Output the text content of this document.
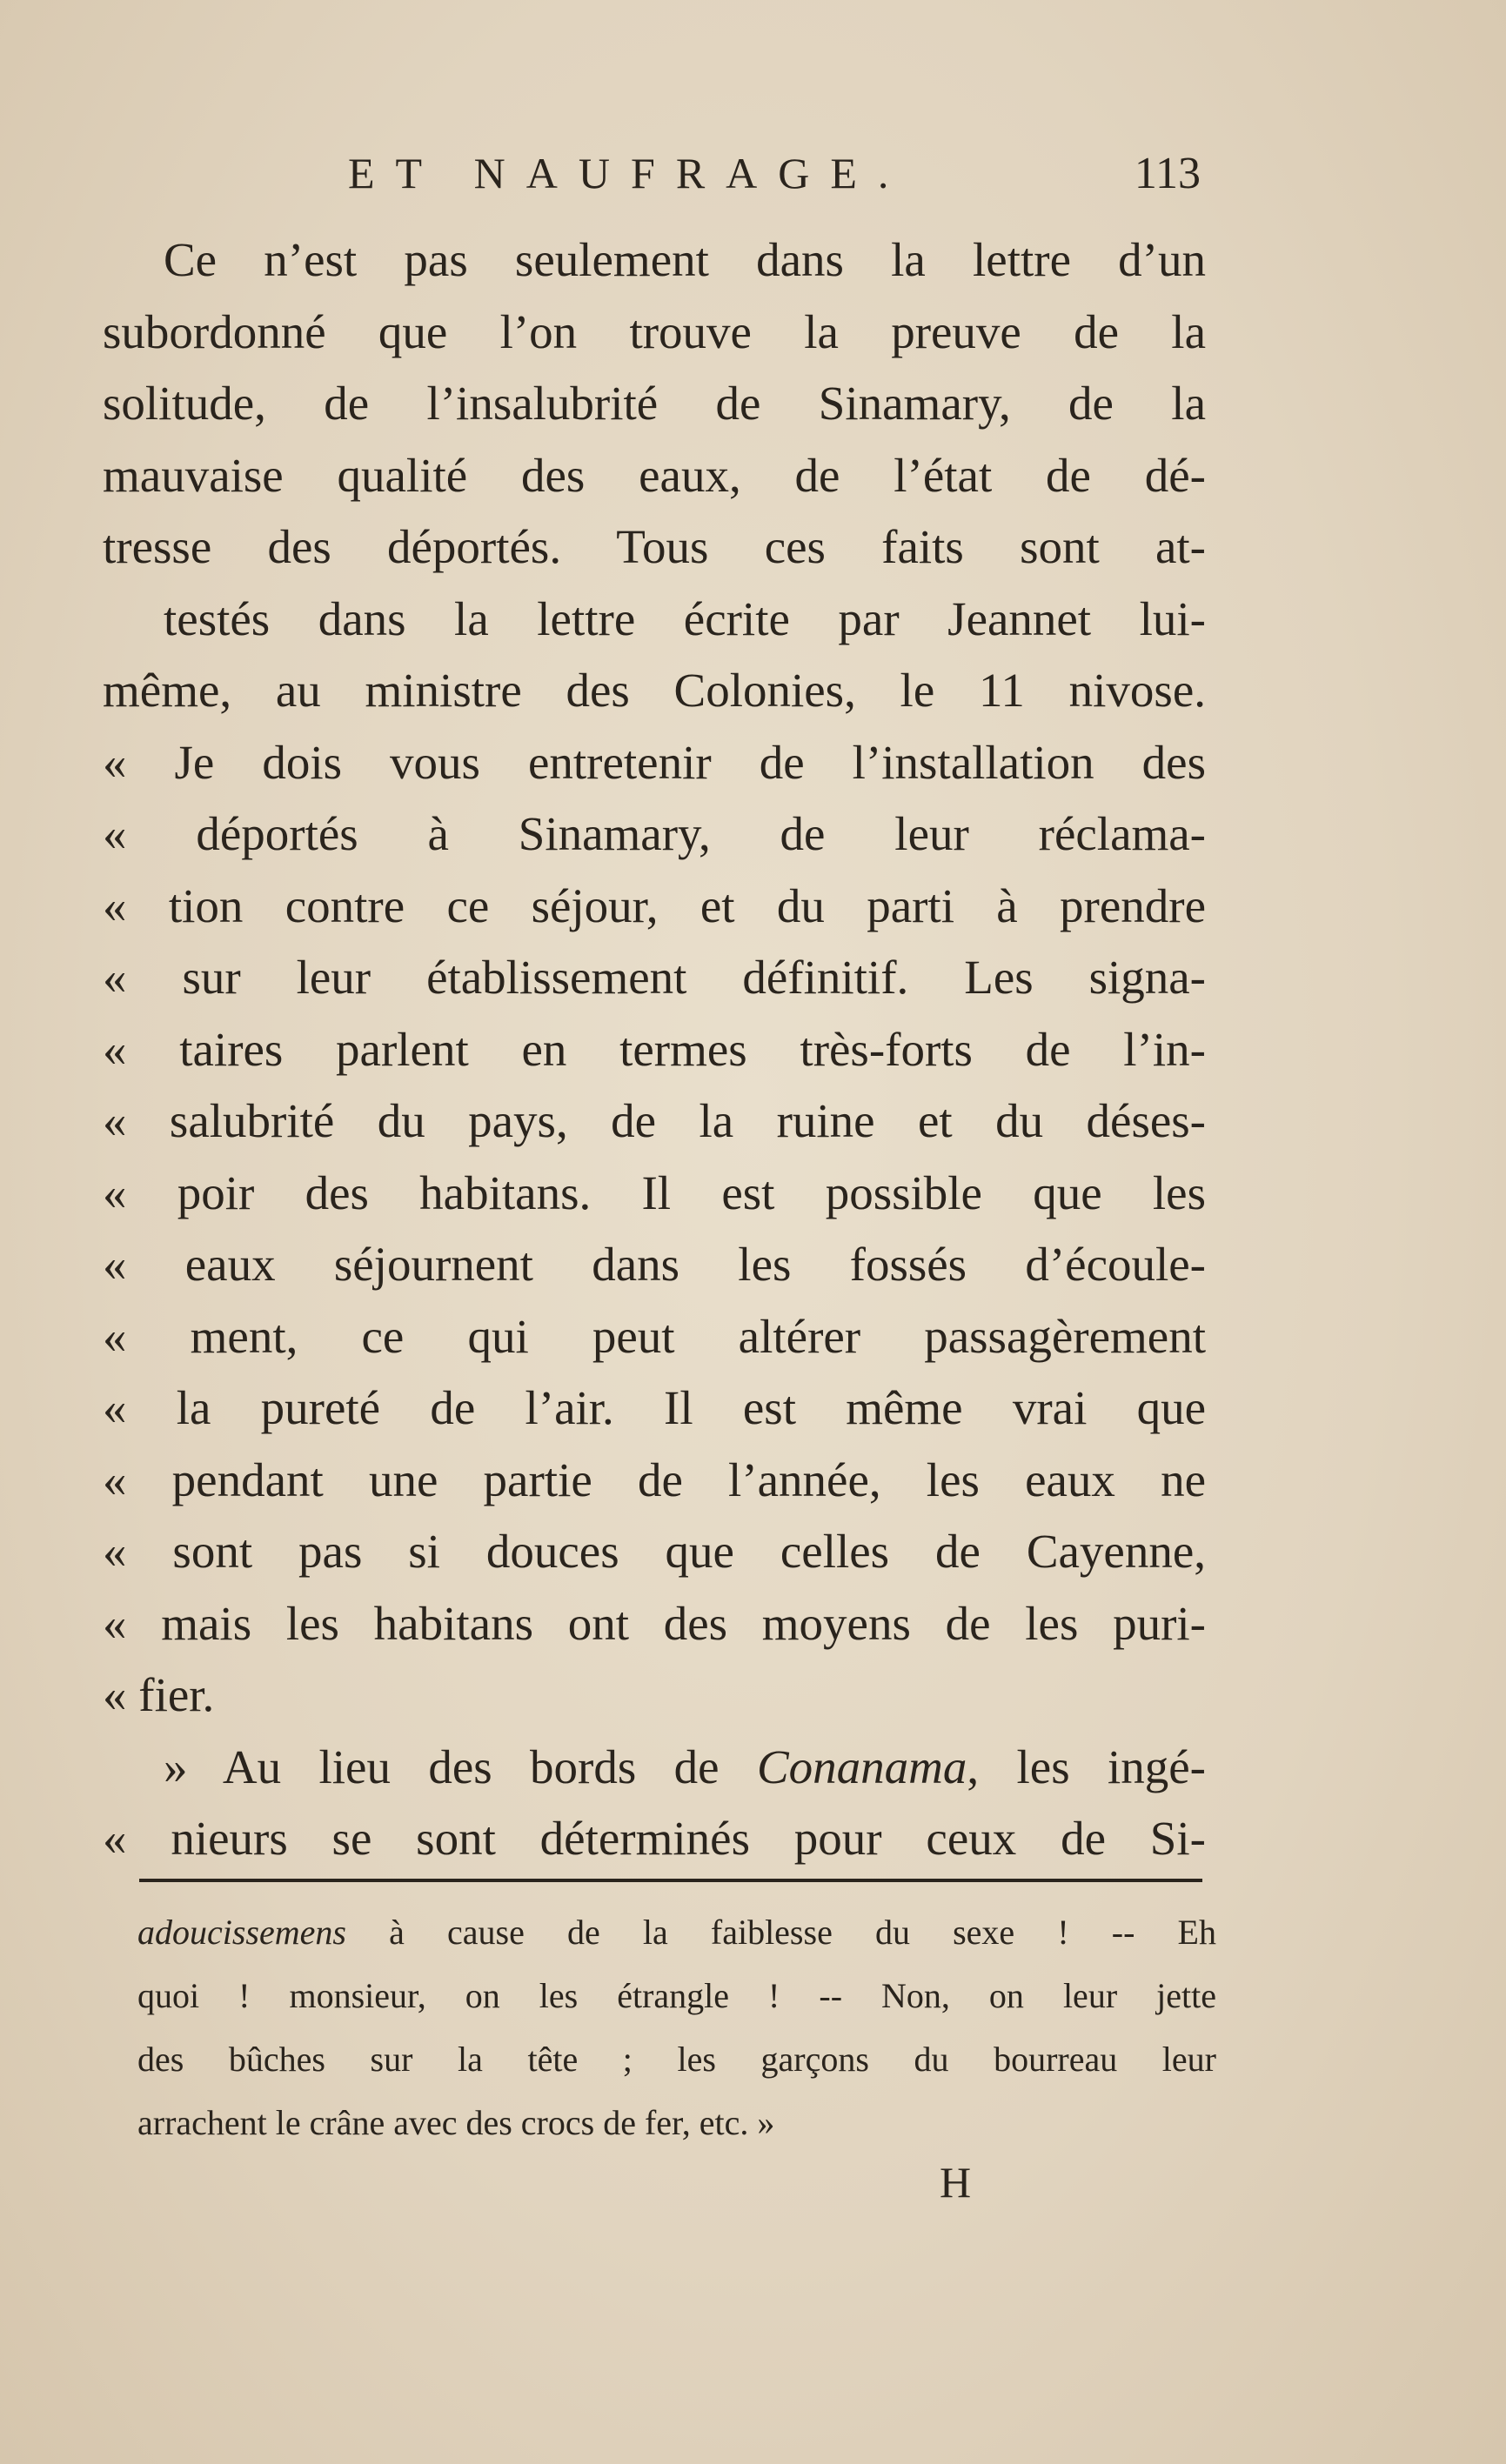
ET NAUFRAGE.	113
Ce n’est pas seulement dans la lettre d’un
subordonné que l’on trouve la preuve de la
solitude, de l’insalubrité de Sinamary, de la
mauvaise qualité des eaux, de l’état de dé-
tresse des déportés. Tous ces faits sont at-
testés dans la lettre écrite par Jeannet lui-
même, au ministre des Colonies, le 11 nivose.
« Je dois vous entretenir de l’installation des
« déportés à Sinamary, de leur réclama-
« tion contre ce séjour, et du parti à prendre
« sur leur établissement définitif. Les signa-
« taires parlent en termes très-forts de l’in-
« salubrité du pays, de la ruine et du déses-
« poir des habitans. Il est possible que les
« eaux séjournent dans les fossés d’écoule-
« ment, ce qui peut altérer passagèrement
« la pureté de l’air. Il est même vrai que
« pendant une partie de l’année, les eaux ne
« sont pas si douces que celles de Cayenne,
« mais les habitans ont des moyens de les puri-
« fier.
» Au lieu des bords de Conanama, les ingé-
« nieurs se sont déterminés pour ceux de Si-
adoucissemens à cause de la faiblesse du sexe ! -- Eh
quoi ! monsieur, on les étrangle ! -- Non, on leur jette
des bûches sur la tête ; les garçons du bourreau leur
arrachent le crâne avec des crocs de fer, etc. »
H
